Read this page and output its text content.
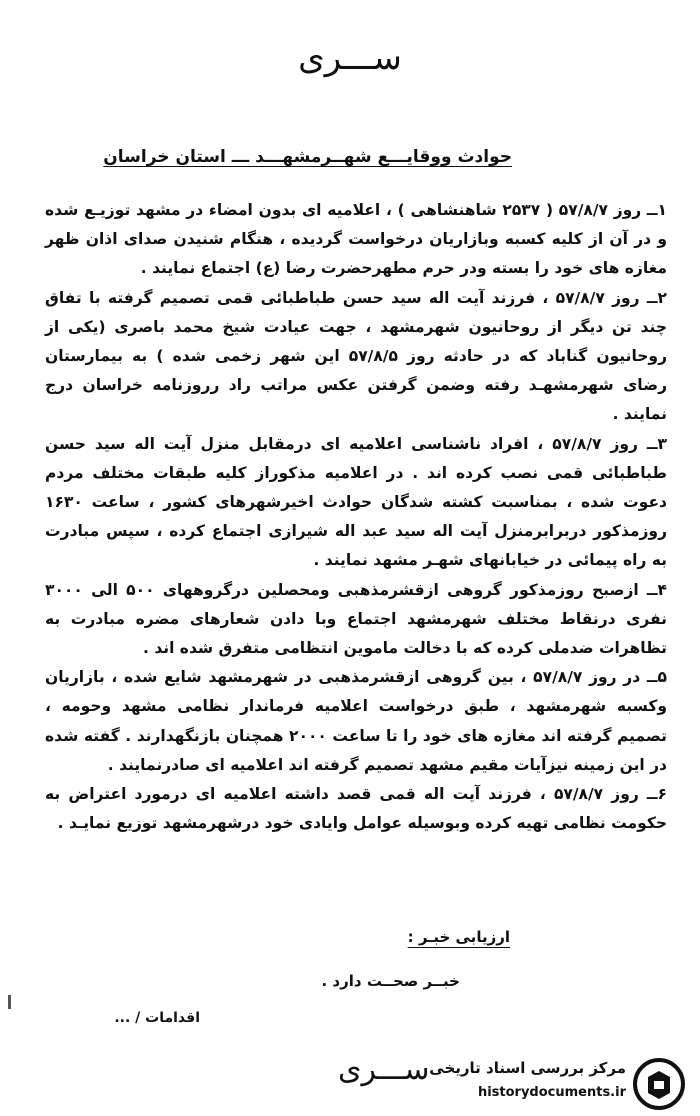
ســـری
حوادث ووقایـــع شهــرمشهـــد ـــ استان خراسان

۱ــ روز ۵۷/۸/۷ ( ۲۵۳۷ شاهنشاهی ) ، اعلامیه ای بدون امضاء در مشهد توزیـع شده و در آن از کلیه کسبه وبازاریان درخواست گردیده ، هنگام شنیدن صدای اذان ظهر مغازه های خود را بسته ودر حرم مطهرحضرت رضا (ع) اجتماع نمایند .

۲ــ روز ۵۷/۸/۷ ، فرزند آیت اله سید حسن طباطبائی قمی تصمیم گرفته با تفاق چند تن دیگر از روحانیون شهرمشهد ، جهت عیادت شیخ محمد باصری (یکی از روحانیون گناباد که در حادثه روز ۵۷/۸/۵ این شهر زخمی شده ) به بیمارستان رضای شهرمشهـد رفته وضمن گرفتن عکس مراتب راد رروزنامه خراسان درج نمایند .

۳ــ روز ۵۷/۸/۷ ، افراد ناشناسی اعلامیه ای درمقابل منزل آیت اله سید حسن طباطبائی قمی نصب کرده اند . در اعلامیه مذکوراز کلیه طبقات مختلف مردم دعوت شده ، بمناسبت کشته شدگان حوادث اخیرشهرهای کشور ، ساعت ۱۶۳۰ روزمذکور دربرابرمنزل آیت اله سید عبد اله شیرازی اجتماع کرده ، سپس مبادرت به راه پیمائی در خیابانهای شهـر مشهد نمایند .

۴ــ ازصبح روزمذکور گروهی ازقشرمذهبی ومحصلین درگروههای ۵۰۰ الی ۳۰۰۰ نفری درنقاط مختلف شهرمشهد اجتماع وبا دادن شعارهای مضره مبادرت به تظاهرات ضدملی کرده که با دخالت ماموین انتظامی متفرق شده اند .

۵ــ در روز ۵۷/۸/۷ ، بین گروهی ازقشرمذهبی در شهرمشهد شایع شده ، بازاریان وکسبه شهرمشهد ، طبق درخواست اعلامیه فرماندار نظامی مشهد وحومه ، تصمیم گرفته اند مغازه های خود را تا ساعت ۲۰۰۰ همچنان بازنگهدارند . گفته شده در این زمینه نیزآیات مقیم مشهد تصمیم گرفته اند اعلامیه ای صادرنمایند .

۶ــ روز ۵۷/۸/۷ ، فرزند آیت اله قمی قصد داشته اعلامیه ای درمورد اعتراض به حکومت نظامی تهیه کرده وبوسیله عوامل وایادی خود درشهرمشهد توزیع نمایـد .

ارزیابی خبـر :
خبــر صحــت دارد .
اقدامات / ...
ســـری مرکز بررسی اسناد تاریخی
historydocuments.ir
